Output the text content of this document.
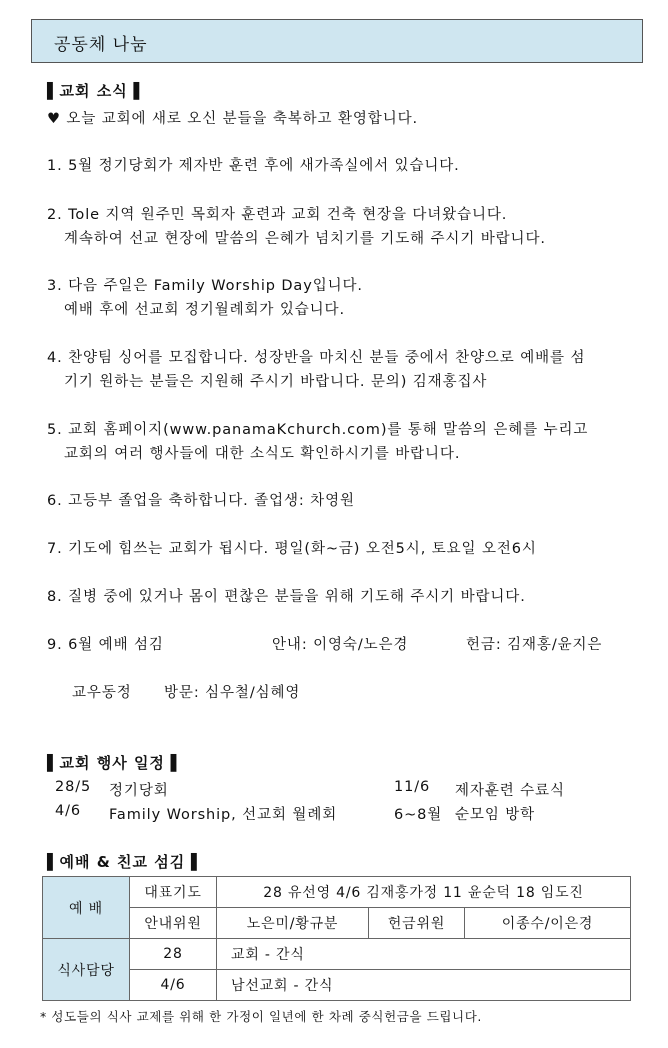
공동체 나눔
▌교회 소식▐
♥ 오늘 교회에 새로 오신 분들을 축복하고 환영합니다.
1. 5월 정기당회가 제자반 훈련 후에 새가족실에서 있습니다.
2. Tole 지역 원주민 목회자 훈련과 교회 건축 현장을 다녀왔습니다.
계속하여 선교 현장에 말씀의 은혜가 넘치기를 기도해 주시기 바랍니다.
3. 다음 주일은 Family Worship Day입니다.
예배 후에 선교회 정기월례회가 있습니다.
4. 찬양팀 싱어를 모집합니다. 성장반을 마치신 분들 중에서 찬양으로 예배를 섬
기기 원하는 분들은 지원해 주시기 바랍니다. 문의) 김재홍집사
5. 교회 홈페이지(www.panamaKchurch.com)를 통해 말씀의 은혜를 누리고
교회의 여러 행사들에 대한 소식도 확인하시기를 바랍니다.
6. 고등부 졸업을 축하합니다. 졸업생: 차영원
7. 기도에 힘쓰는 교회가 됩시다. 평일(화~금) 오전5시, 토요일 오전6시
8. 질병 중에 있거나 몸이 편찮은 분들을 위해 기도해 주시기 바랍니다.
9. 6월 예배 섬김	안내: 이영숙/노은경	헌금: 김재홍/윤지은
교우동정 방문: 심우철/심혜영
▌교회 행사 일정▐
28/5 정기당회	11/6 제자훈련 수료식
4/6 Family Worship, 선교회 월례회	6~8월 순모임 방학
▌예배 & 친교 섬김▐
예 배	대표기도	28 유선영 4/6 김재홍가정 11 윤순덕 18 임도진		
	안내위원	노은미/황규분	헌금위원	이종수/이은경
식사담당	28	교회 - 간식		
	4/6	남선교회 - 간식		
* 성도들의 식사 교제를 위해 한 가정이 일년에 한 차례 중식헌금을 드립니다.
